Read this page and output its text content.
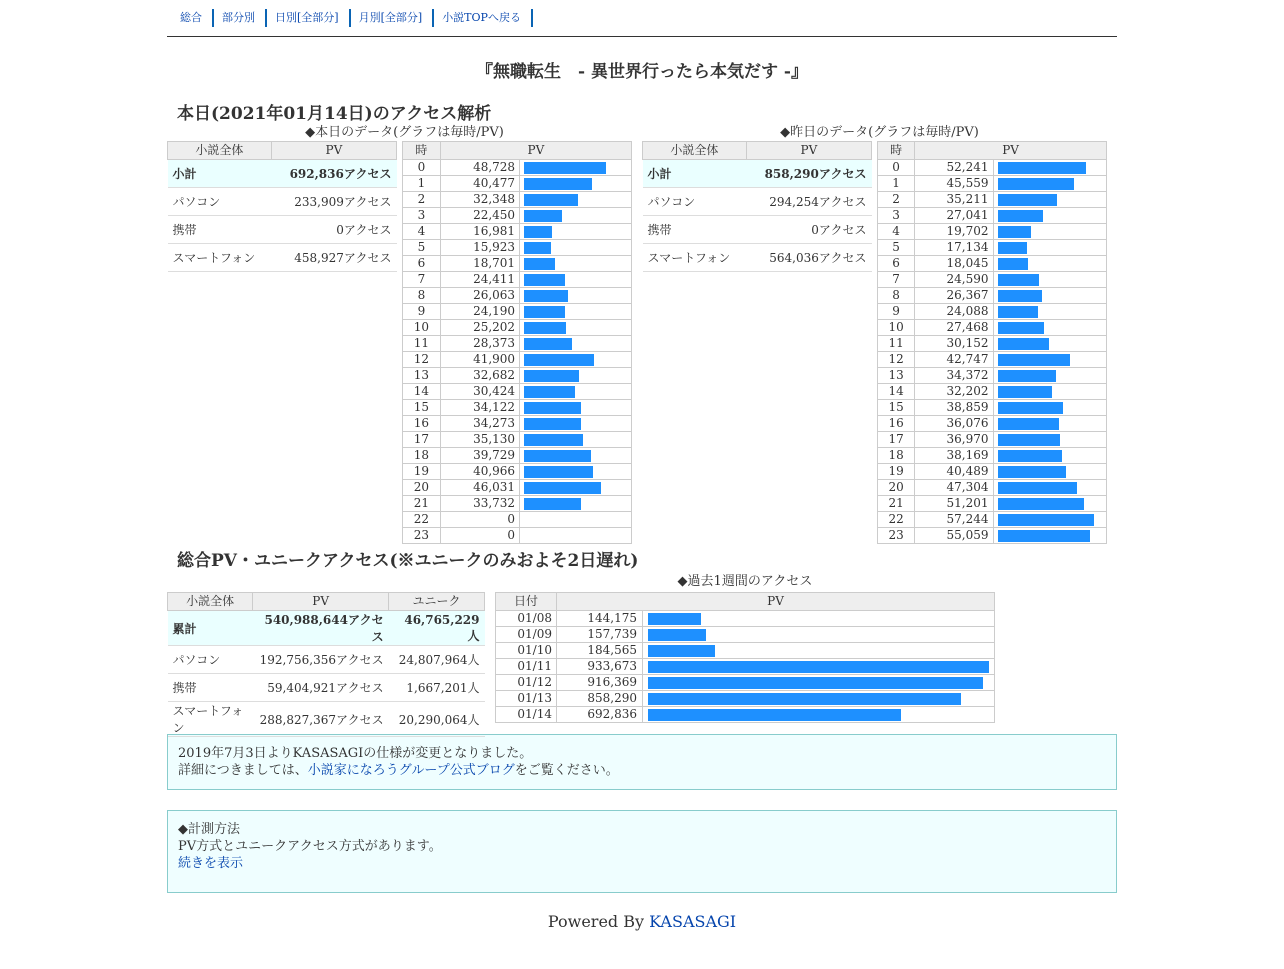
総合	部分別	日別[全部分]	月別[全部分]	小説TOPへ戻る
『無職転生　- 異世界行ったら本気だす -』
本日(2021年01月14日)のアクセス解析
◆本日のデータ(グラフは毎時/PV)	◆昨日のデータ(グラフは毎時/PV)
小説全体	PV
小計	692,836アクセス
パソコン	233,909アクセス
携帯	0アクセス
スマートフォン	458,927アクセス
時	PV	
0	48,728	

1	40,477	

2	32,348	

3	22,450	

4	16,981	

5	15,923	

6	18,701	

7	24,411	

8	26,063	

9	24,190	

10	25,202	

11	28,373	

12	41,900	

13	32,682	

14	30,424	

15	34,122	

16	34,273	

17	35,130	

18	39,729	

19	40,966	

20	46,031	

21	33,732	

22	0	
23	0	
小説全体	PV
小計	858,290アクセス
パソコン	294,254アクセス
携帯	0アクセス
スマートフォン	564,036アクセス
時	PV	
0	52,241	

1	45,559	

2	35,211	

3	27,041	

4	19,702	

5	17,134	

6	18,045	

7	24,590	

8	26,367	

9	24,088	

10	27,468	

11	30,152	

12	42,747	

13	34,372	

14	32,202	

15	38,859	

16	36,076	

17	36,970	

18	38,169	

19	40,489	

20	47,304	

21	51,201	

22	57,244	

23	55,059	
総合PV・ユニークアクセス(※ユニークのみおよそ2日遅れ)
◆過去1週間のアクセス
小説全体	PV	ユニーク
累計	540,988,644アクセス	46,765,229人
パソコン	192,756,356アクセス	24,807,964人
携帯	59,404,921アクセス	1,667,201人
スマートフォン	288,827,367アクセス	20,290,064人
日付	PV	
01/08	144,175	

01/09	157,739	

01/10	184,565	

01/11	933,673	

01/12	916,369	

01/13	858,290	

01/14	692,836	
2019年7月3日よりKASASAGIの仕様が変更となりました。
詳細につきましては、小説家になろうグループ公式ブログをご覧ください。
◆計測方法
PV方式とユニークアクセス方式があります。
続きを表示
Powered By KASASAGI
